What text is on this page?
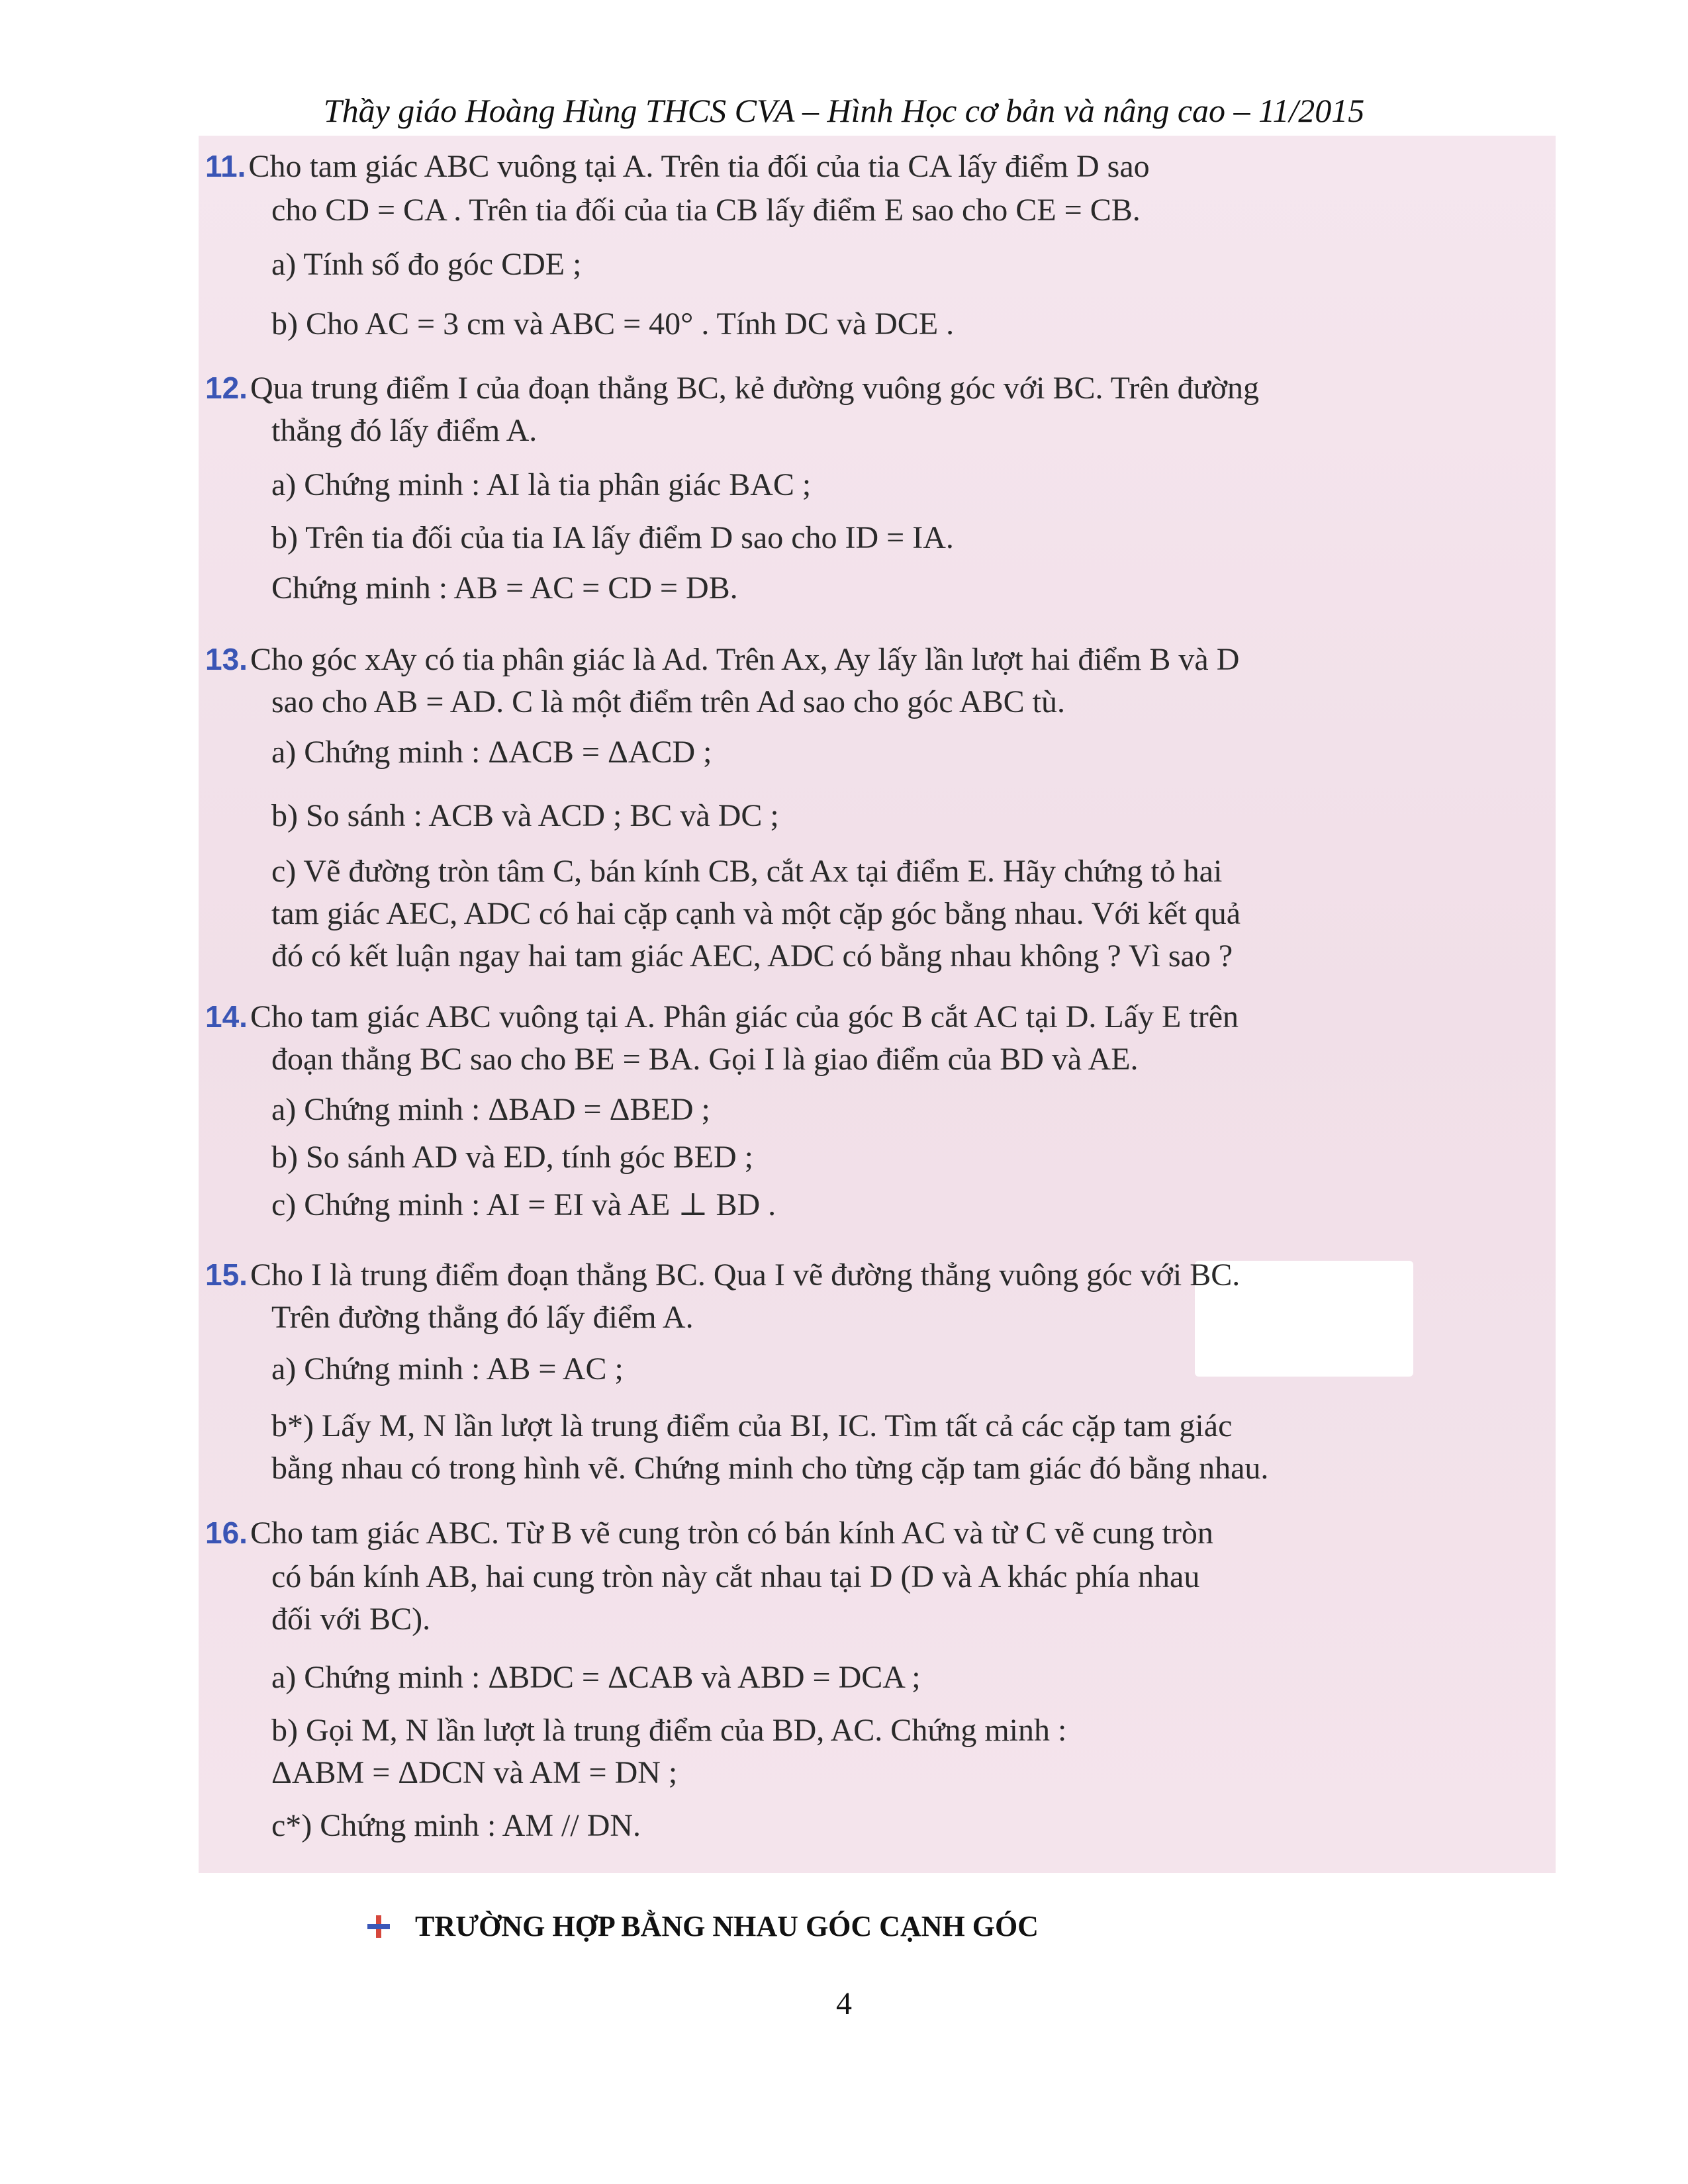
Thầy giáo Hoàng Hùng THCS CVA – Hình Học cơ bản và nâng cao – 11/2015
11.Cho tam giác ABC vuông tại A. Trên tia đối của tia CA lấy điểm D sao
cho CD = CA . Trên tia đối của tia CB lấy điểm E sao cho CE = CB.
a) Tính số đo góc CDE ;
b) Cho AC = 3 cm và ABC = 40° . Tính DC và DCE .
12.Qua trung điểm I của đoạn thẳng BC, kẻ đường vuông góc với BC. Trên đường
thẳng đó lấy điểm A.
a) Chứng minh : AI là tia phân giác BAC ;
b) Trên tia đối của tia IA lấy điểm D sao cho ID = IA.
Chứng minh : AB = AC = CD = DB.
13.Cho góc xAy có tia phân giác là Ad. Trên Ax, Ay lấy lần lượt hai điểm B và D
sao cho AB = AD. C là một điểm trên Ad sao cho góc ABC tù.
a) Chứng minh : ΔACB = ΔACD ;
b) So sánh : ACB và ACD ; BC và DC ;
c) Vẽ đường tròn tâm C, bán kính CB, cắt Ax tại điểm E. Hãy chứng tỏ hai
tam giác AEC, ADC có hai cặp cạnh và một cặp góc bằng nhau. Với kết quả
đó có kết luận ngay hai tam giác AEC, ADC có bằng nhau không ? Vì sao ?
14.Cho tam giác ABC vuông tại A. Phân giác của góc B cắt AC tại D. Lấy E trên
đoạn thẳng BC sao cho BE = BA. Gọi I là giao điểm của BD và AE.
a) Chứng minh : ΔBAD = ΔBED ;
b) So sánh AD và ED, tính góc BED ;
c) Chứng minh : AI = EI và AE ⊥ BD .
15.Cho I là trung điểm đoạn thẳng BC. Qua I vẽ đường thẳng vuông góc với BC.
Trên đường thẳng đó lấy điểm A.
a) Chứng minh : AB = AC ;
b*) Lấy M, N lần lượt là trung điểm của BI, IC. Tìm tất cả các cặp tam giác
bằng nhau có trong hình vẽ. Chứng minh cho từng cặp tam giác đó bằng nhau.
16.Cho tam giác ABC. Từ B vẽ cung tròn có bán kính AC và từ C vẽ cung tròn
có bán kính AB, hai cung tròn này cắt nhau tại D (D và A khác phía nhau
đối với BC).
a) Chứng minh : ΔBDC = ΔCAB và ABD = DCA ;
b) Gọi M, N lần lượt là trung điểm của BD, AC. Chứng minh :
ΔABM = ΔDCN và AM = DN ;
c*) Chứng minh : AM // DN.
TRƯỜNG HỢP BẰNG NHAU GÓC CẠNH GÓC
4
